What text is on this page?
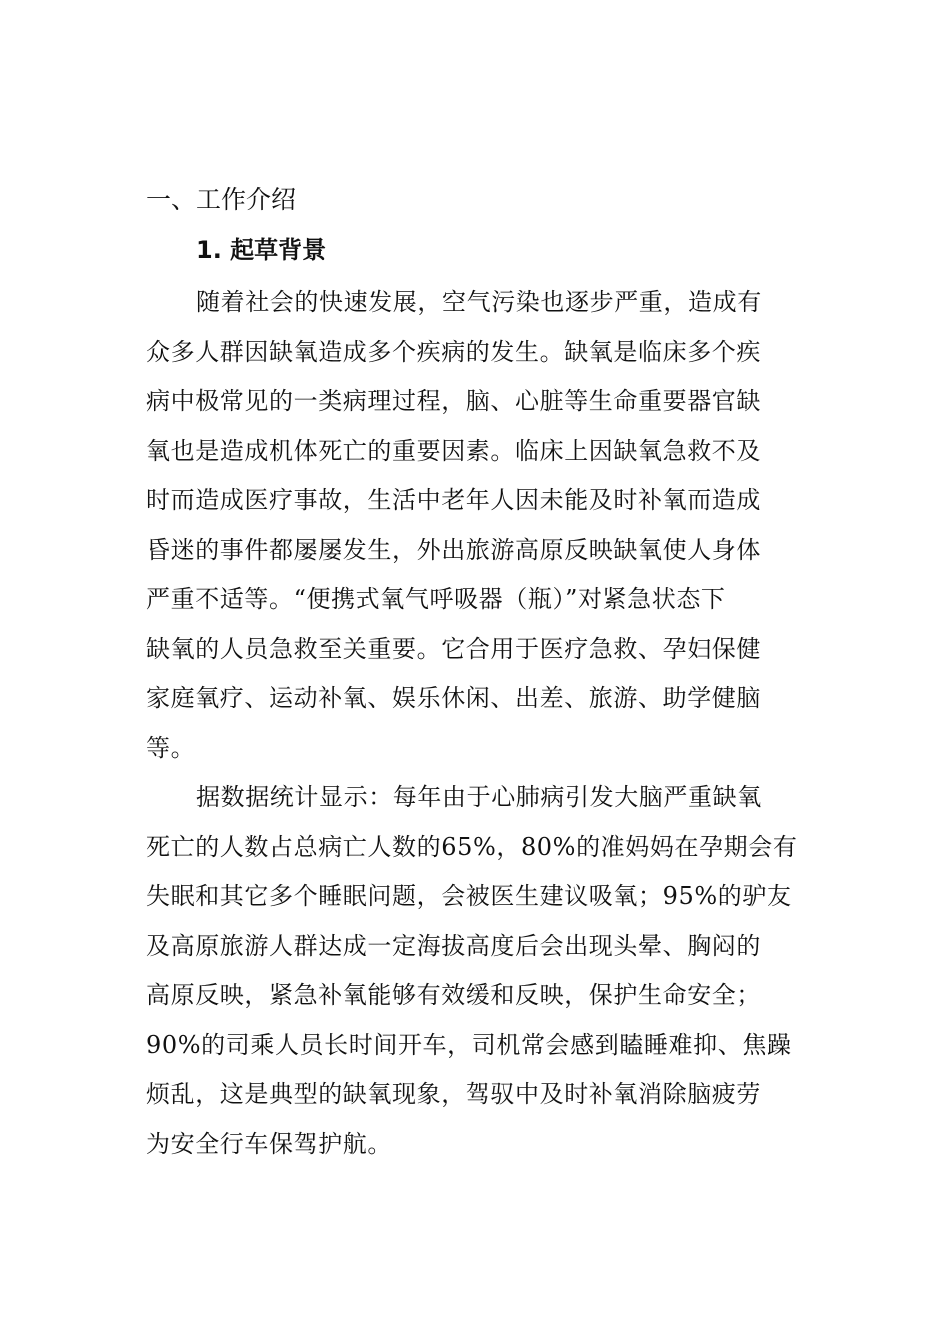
一、工作介绍
1. 起草背景
随着社会的快速发展，空气污染也逐步严重，造成有
众多人群因缺氧造成多个疾病的发生。缺氧是临床多个疾
病中极常见的一类病理过程，脑、心脏等生命重要器官缺
氧也是造成机体死亡的重要因素。临床上因缺氧急救不及
时而造成医疗事故，生活中老年人因未能及时补氧而造成
昏迷的事件都屡屡发生，外出旅游高原反映缺氧使人身体
严重不适等。“便携式氧气呼吸器（瓶）”对紧急状态下
缺氧的人员急救至关重要。它合用于医疗急救、孕妇保健
家庭氧疗、运动补氧、娱乐休闲、出差、旅游、助学健脑
等。
据数据统计显示：每年由于心肺病引发大脑严重缺氧
死亡的人数占总病亡人数的65%，80%的准妈妈在孕期会有
失眠和其它多个睡眠问题，会被医生建议吸氧；95%的驴友
及高原旅游人群达成一定海拔高度后会出现头晕、胸闷的
高原反映，紧急补氧能够有效缓和反映，保护生命安全；
90%的司乘人员长时间开车，司机常会感到瞌睡难抑、焦躁
烦乱，这是典型的缺氧现象，驾驭中及时补氧消除脑疲劳
为安全行车保驾护航。
